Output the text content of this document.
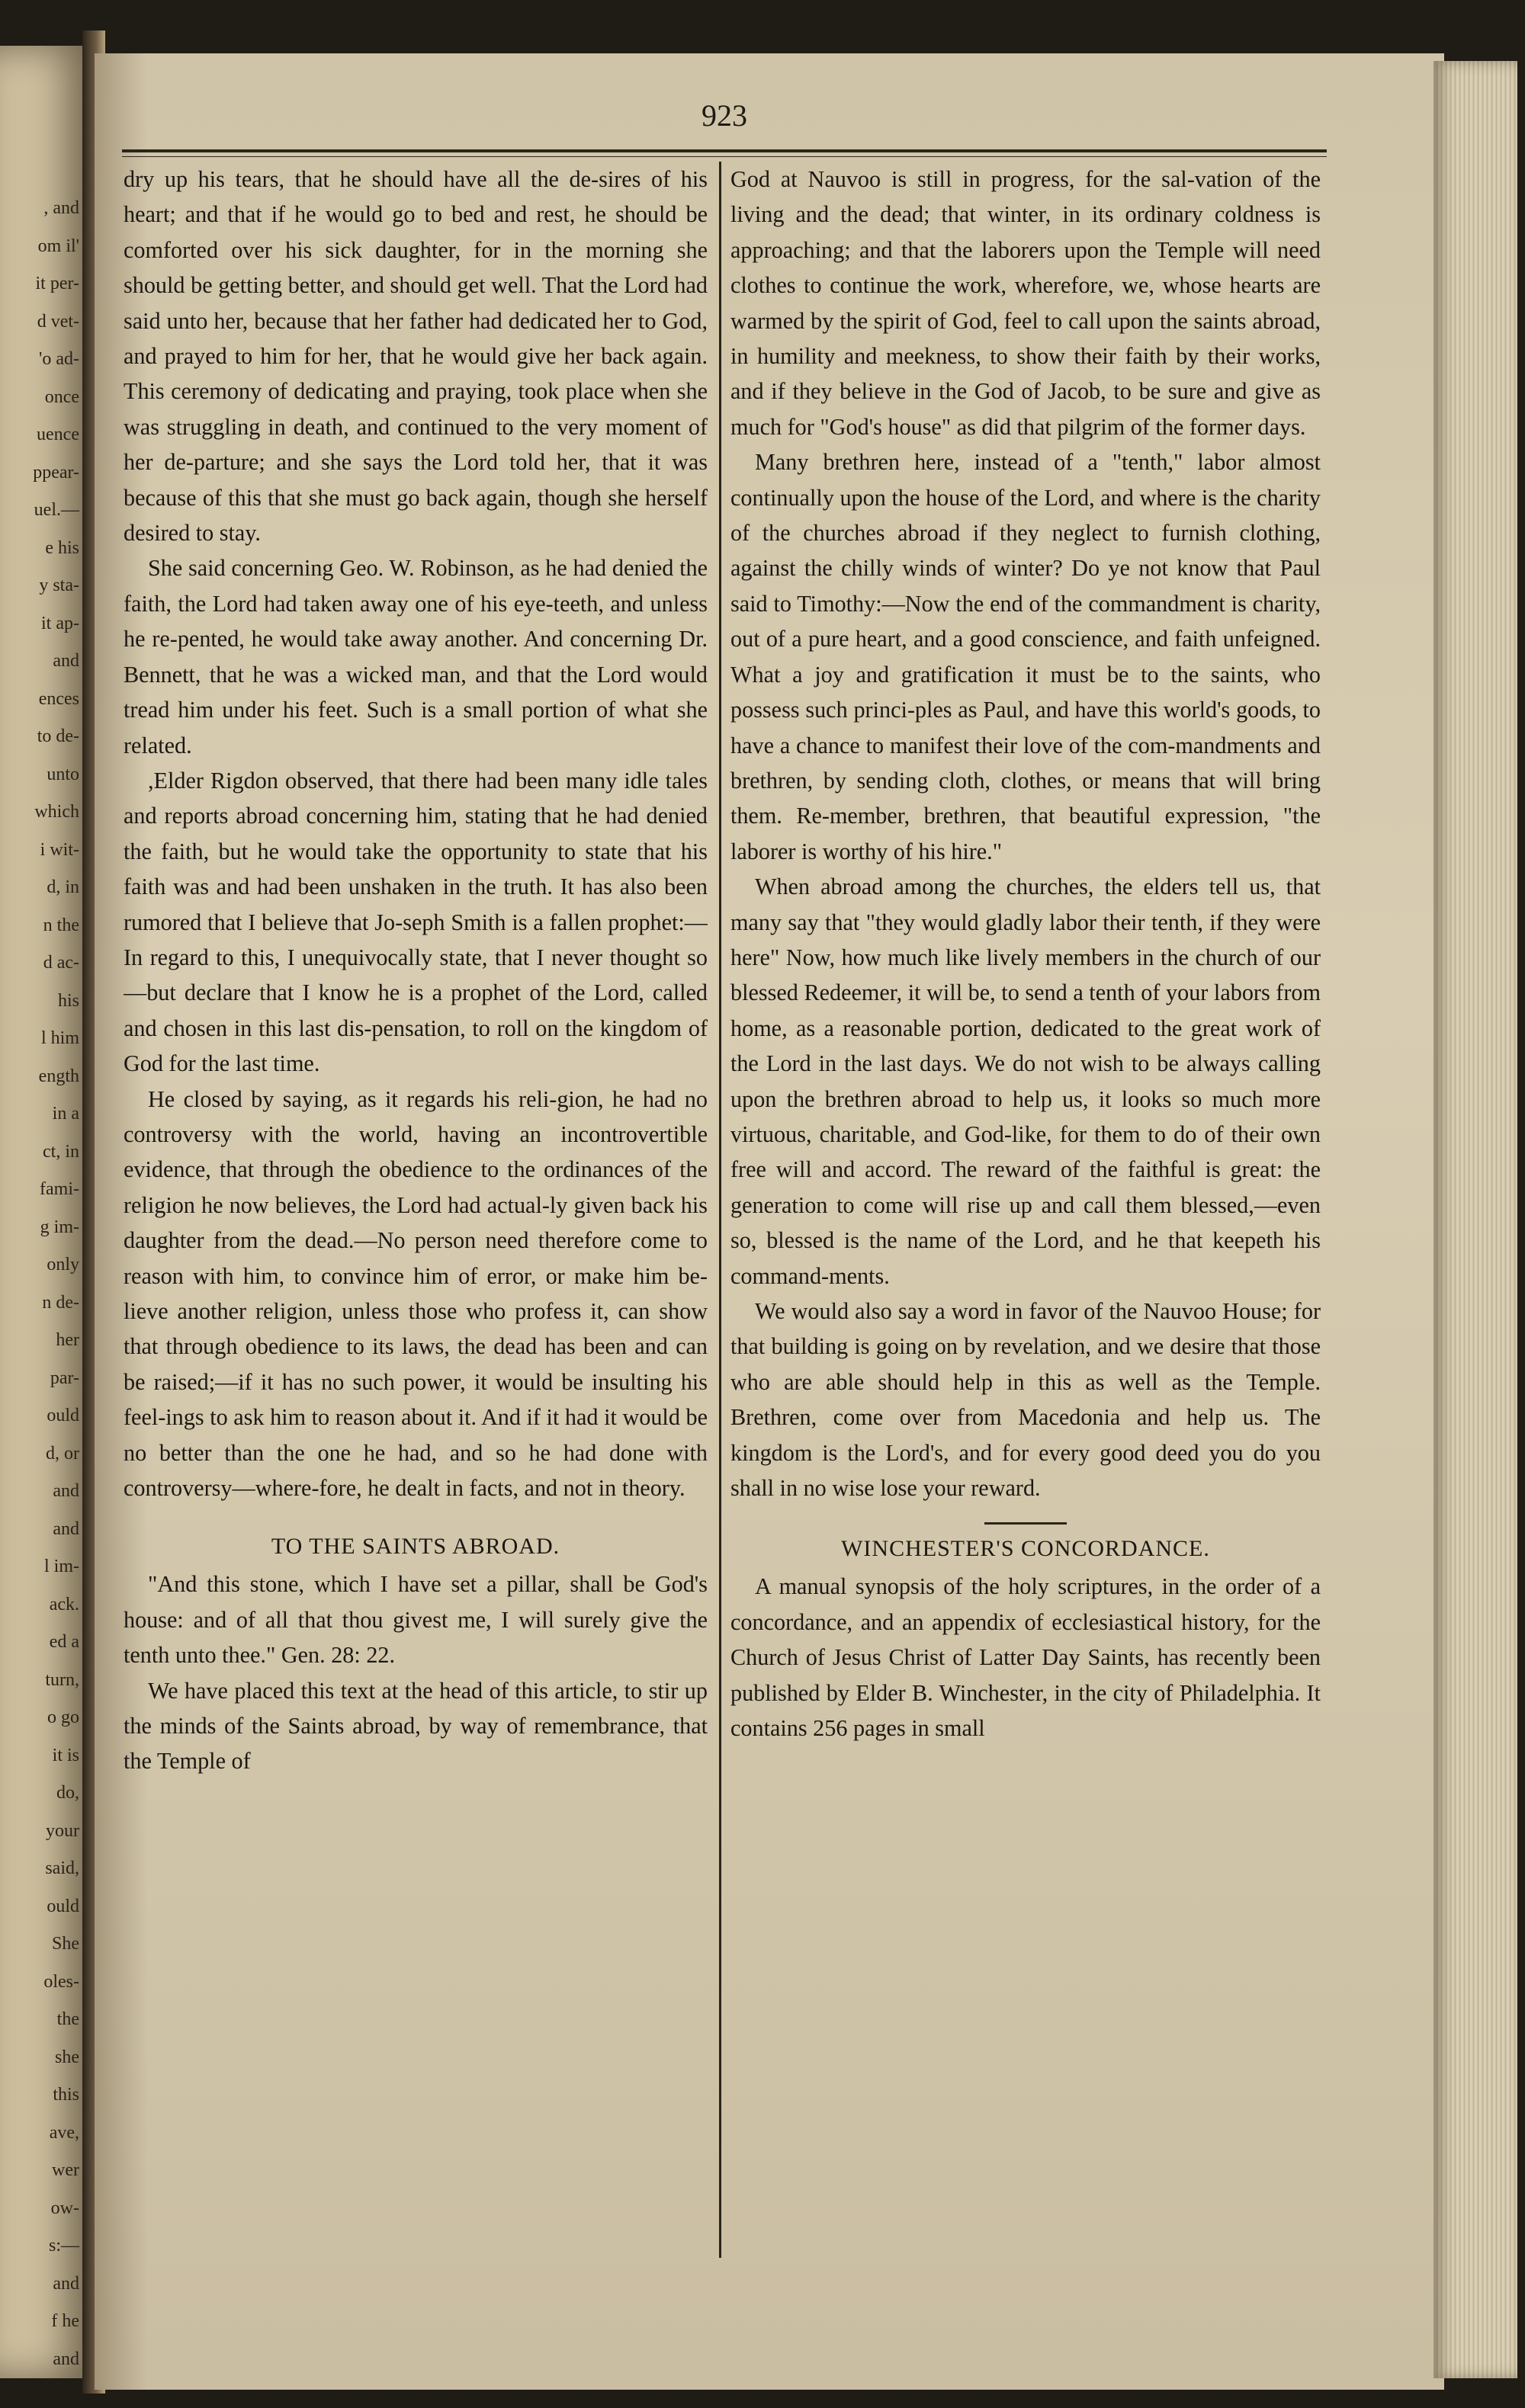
, and
om il'
it per-
d vet-
'o ad-
once
uence
ppear-
uel.—
e his
y sta-
it ap-
and
ences
to de-
unto
which
i wit-
d, in
n the
d ac-
his
l him
ength
in a
ct, in
fami-
g im-
only
n de-
her
par-
ould
d, or
and
and
l im-
ack.
ed a
turn,
o go
it is
do,
your
said,
ould
She
oles-
the
she
this
ave,
wer
ow-
s:—
and
f he
and
923

dry up his tears, that he should have all the de-sires of his heart; and that if he would go to bed and rest, he should be comforted over his sick daughter, for in the morning she should be getting better, and should get well. That the Lord had said unto her, because that her father had dedicated her to God, and prayed to him for her, that he would give her back again. This ceremony of dedicating and praying, took place when she was struggling in death, and continued to the very moment of her de-parture; and she says the Lord told her, that it was because of this that she must go back again, though she herself desired to stay.

She said concerning Geo. W. Robinson, as he had denied the faith, the Lord had taken away one of his eye-teeth, and unless he re-pented, he would take away another. And concerning Dr. Bennett, that he was a wicked man, and that the Lord would tread him under his feet. Such is a small portion of what she related.

,Elder Rigdon observed, that there had been many idle tales and reports abroad concerning him, stating that he had denied the faith, but he would take the opportunity to state that his faith was and had been unshaken in the truth. It has also been rumored that I believe that Jo-seph Smith is a fallen prophet:—In regard to this, I unequivocally state, that I never thought so—but declare that I know he is a prophet of the Lord, called and chosen in this last dis-pensation, to roll on the kingdom of God for the last time.

He closed by saying, as it regards his reli-gion, he had no controversy with the world, having an incontrovertible evidence, that through the obedience to the ordinances of the religion he now believes, the Lord had actual-ly given back his daughter from the dead.—No person need therefore come to reason with him, to convince him of error, or make him be-lieve another religion, unless those who profess it, can show that through obedience to its laws, the dead has been and can be raised;—if it has no such power, it would be insulting his feel-ings to ask him to reason about it. And if it had it would be no better than the one he had, and so he had done with controversy—where-fore, he dealt in facts, and not in theory.

TO THE SAINTS ABROAD.

"And this stone, which I have set a pillar, shall be God's house: and of all that thou givest me, I will surely give the tenth unto thee." Gen. 28: 22.

We have placed this text at the head of this article, to stir up the minds of the Saints abroad, by way of remembrance, that the Temple of

God at Nauvoo is still in progress, for the sal-vation of the living and the dead; that winter, in its ordinary coldness is approaching; and that the laborers upon the Temple will need clothes to continue the work, wherefore, we, whose hearts are warmed by the spirit of God, feel to call upon the saints abroad, in humility and meekness, to show their faith by their works, and if they believe in the God of Jacob, to be sure and give as much for "God's house" as did that pilgrim of the former days.

Many brethren here, instead of a "tenth," labor almost continually upon the house of the Lord, and where is the charity of the churches abroad if they neglect to furnish clothing, against the chilly winds of winter? Do ye not know that Paul said to Timothy:—Now the end of the commandment is charity, out of a pure heart, and a good conscience, and faith unfeigned. What a joy and gratification it must be to the saints, who possess such princi-ples as Paul, and have this world's goods, to have a chance to manifest their love of the com-mandments and brethren, by sending cloth, clothes, or means that will bring them. Re-member, brethren, that beautiful expression, "the laborer is worthy of his hire."

When abroad among the churches, the elders tell us, that many say that "they would gladly labor their tenth, if they were here" Now, how much like lively members in the church of our blessed Redeemer, it will be, to send a tenth of your labors from home, as a reasonable portion, dedicated to the great work of the Lord in the last days. We do not wish to be always calling upon the brethren abroad to help us, it looks so much more virtuous, charitable, and God-like, for them to do of their own free will and accord. The reward of the faithful is great: the generation to come will rise up and call them blessed,—even so, blessed is the name of the Lord, and he that keepeth his command-ments.

We would also say a word in favor of the Nauvoo House; for that building is going on by revelation, and we desire that those who are able should help in this as well as the Temple. Brethren, come over from Macedonia and help us. The kingdom is the Lord's, and for every good deed you do you shall in no wise lose your reward.

WINCHESTER'S CONCORDANCE.

A manual synopsis of the holy scriptures, in the order of a concordance, and an appendix of ecclesiastical history, for the Church of Jesus Christ of Latter Day Saints, has recently been published by Elder B. Winchester, in the city of Philadelphia. It contains 256 pages in small
